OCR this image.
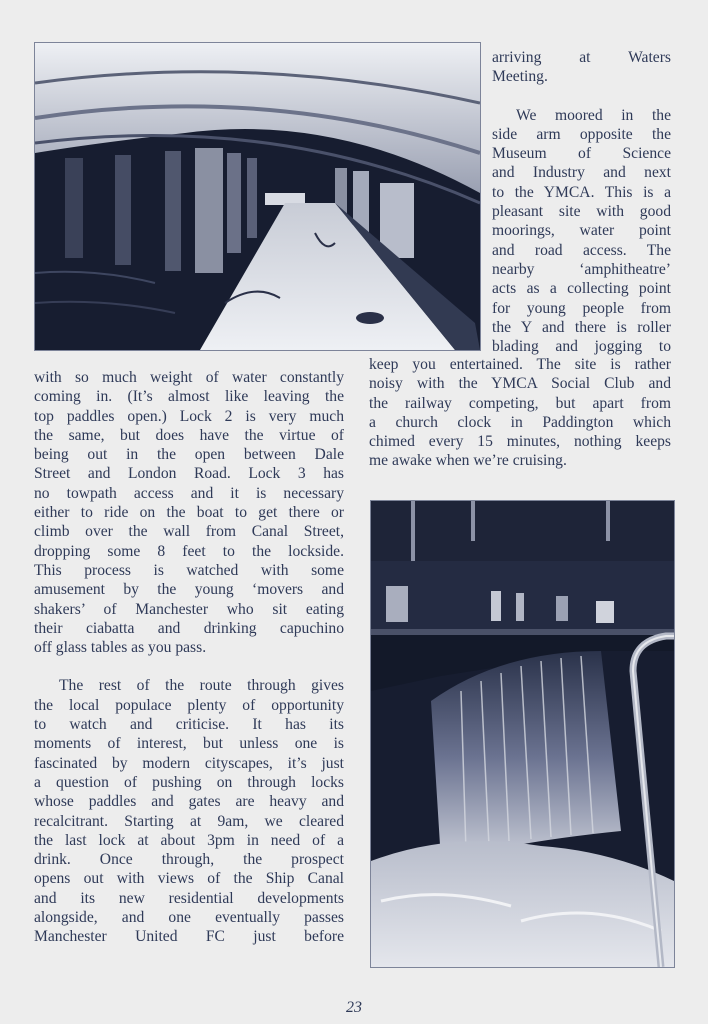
arriving at Waters
Meeting.
We moored in the
side arm opposite the
Museum of Science
and Industry and next
to the YMCA. This is a
pleasant site with good
moorings, water point
and road access. The
nearby ‘amphitheatre’
acts as a collecting point
for young people from
the Y and there is roller
blading and jogging to
keep you entertained. The site is rather
noisy with the YMCA Social Club and
the railway competing, but apart from
a church clock in Paddington which
chimed every 15 minutes, nothing keeps
me awake when we’re cruising.
with so much weight of water constantly
coming in. (It’s almost like leaving the
top paddles open.) Lock 2 is very much
the same, but does have the virtue of
being out in the open between Dale
Street and London Road. Lock 3 has
no towpath access and it is necessary
either to ride on the boat to get there or
climb over the wall from Canal Street,
dropping some 8 feet to the lockside.
This process is watched with some
amusement by the young ‘movers and
shakers’ of Manchester who sit eating
their ciabatta and drinking capuchino
off glass tables as you pass.
The rest of the route through gives
the local populace plenty of opportunity
to watch and criticise. It has its
moments of interest, but unless one is
fascinated by modern cityscapes, it’s just
a question of pushing on through locks
whose paddles and gates are heavy and
recalcitrant. Starting at 9am, we cleared
the last lock at about 3pm in need of a
drink. Once through, the prospect
opens out with views of the Ship Canal
and its new residential developments
alongside, and one eventually passes
Manchester United FC just before
23
